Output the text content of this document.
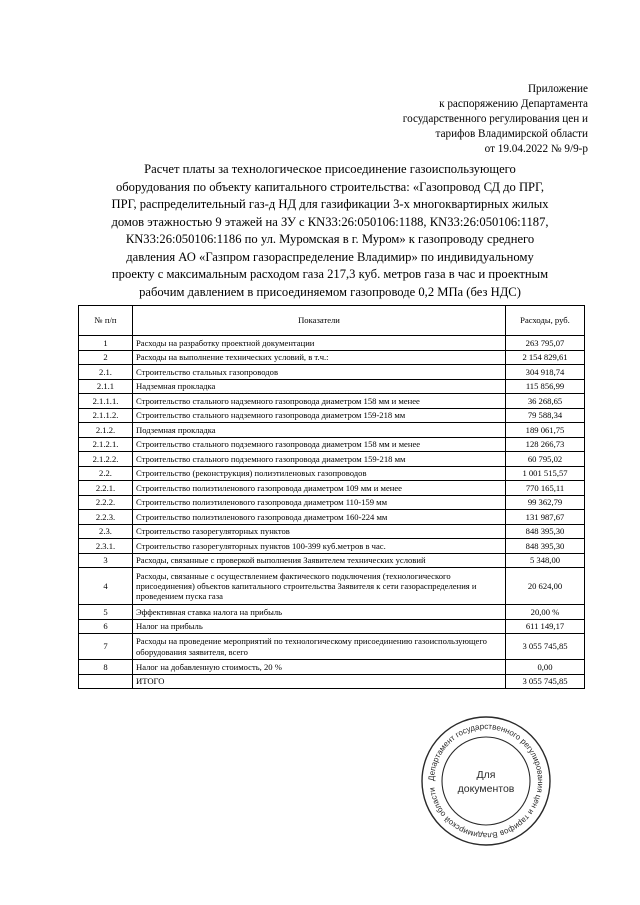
Приложение
к распоряжению Департамента
государственного регулирования цен и
тарифов Владимирской области
от 19.04.2022 № 9/9-р
Расчет платы за технологическое присоединение газоиспользующего
оборудования по объекту капитального строительства: «Газопровод СД до ПРГ,
ПРГ, распределительный газ-д НД для газификации 3-х многоквартирных жилых
домов этажностью 9 этажей на ЗУ с КN33:26:050106:1188, КN33:26:050106:1187,
КN33:26:050106:1186 по ул. Муромская в г. Муром» к газопроводу среднего
давления АО «Газпром газораспределение Владимир» по индивидуальному
проекту с максимальным расходом газа 217,3 куб. метров газа в час и проектным
рабочим давлением в присоединяемом газопроводе 0,2 МПа (без НДС)
№ п/п	Показатели	Расходы, руб.
1	Расходы на разработку проектной документации	263 795,07
2	Расходы на выполнение технических условий, в т.ч.:	2 154 829,61
2.1.	Строительство стальных газопроводов	304 918,74
2.1.1	Надземная прокладка	115 856,99
2.1.1.1.	Строительство стального надземного газопровода диаметром 158 мм и менее	36 268,65
2.1.1.2.	Строительство стального надземного газопровода диаметром 159-218 мм	79 588,34
2.1.2.	Подземная прокладка	189 061,75
2.1.2.1.	Строительство стального подземного газопровода диаметром 158 мм и менее	128 266,73
2.1.2.2.	Строительство стального подземного газопровода диаметром 159-218 мм	60 795,02
2.2.	Строительство (реконструкция) полиэтиленовых газопроводов	1 001 515,57
2.2.1.	Строительство полиэтиленового газопровода диаметром 109 мм и менее	770 165,11
2.2.2.	Строительство полиэтиленового газопровода диаметром 110-159 мм	99 362,79
2.2.3.	Строительство полиэтиленового газопровода диаметром 160-224 мм	131 987,67
2.3.	Строительство газорегуляторных пунктов	848 395,30
2.3.1.	Строительство газорегуляторных пунктов 100-399 куб.метров в час.	848 395,30
3	Расходы, связанные с проверкой выполнения Заявителем технических условий	5 348,00
4	Расходы, связанные с осуществлением фактического подключения (технологического присоединения) объектов капитального строительства Заявителя к сети газораспределения и проведением пуска газа	20 624,00
5	Эффективная ставка налога на прибыль	20,00 %
6	Налог на прибыль	611 149,17
7	Расходы на проведение мероприятий по технологическому присоединению газоиспользующего оборудования заявителя, всего	3 055 745,85
8	Налог на добавленную стоимость, 20 %	0,00
	ИТОГО	3 055 745,85
Департамент государственного регулирования цен и тарифов Владимирской области
Для
документов
